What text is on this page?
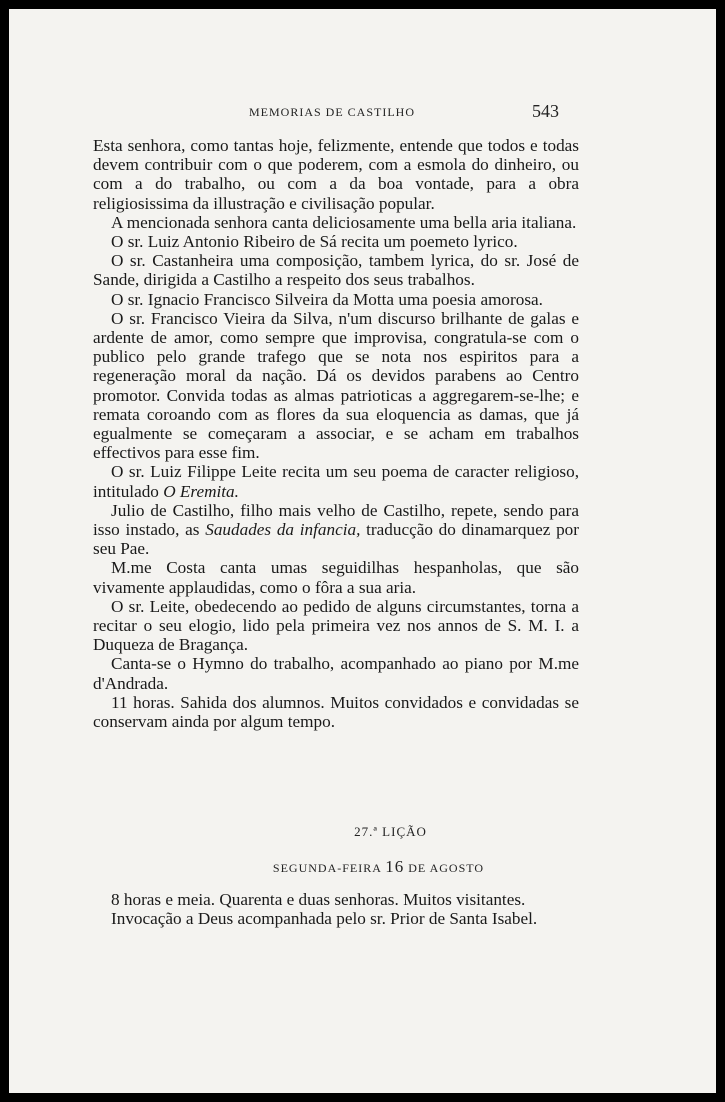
MEMORIAS DE CASTILHO	543

Esta senhora, como tantas hoje, felizmente, entende que todos e todas devem contribuir com o que poderem, com a esmola do dinheiro, ou com a do trabalho, ou com a da boa vontade, para a obra religiosissima da illustração e civilisação popular.

A mencionada senhora canta deliciosamente uma bella aria italiana.

O sr. Luiz Antonio Ribeiro de Sá recita um poemeto lyrico.

O sr. Castanheira uma composição, tambem lyrica, do sr. José de Sande, dirigida a Castilho a respeito dos seus trabalhos.

O sr. Ignacio Francisco Silveira da Motta uma poesia amorosa.

O sr. Francisco Vieira da Silva, n'um discurso brilhante de galas e ardente de amor, como sempre que improvisa, congratula-se com o publico pelo grande trafego que se nota nos espiritos para a regeneração moral da nação. Dá os devidos parabens ao Centro promotor. Convida todas as almas patrioticas a aggregarem-se-lhe; e remata coroando com as flores da sua eloquencia as damas, que já egualmente se começaram a associar, e se acham em trabalhos effectivos para esse fim.

O sr. Luiz Filippe Leite recita um seu poema de caracter religioso, intitulado O Eremita.

Julio de Castilho, filho mais velho de Castilho, repete, sendo para isso instado, as Saudades da infancia, traducção do dinamarquez por seu Pae.

M.me Costa canta umas seguidilhas hespanholas, que são vivamente applaudidas, como o fôra a sua aria.

O sr. Leite, obedecendo ao pedido de alguns circumstantes, torna a recitar o seu elogio, lido pela primeira vez nos annos de S. M. I. a Duqueza de Bragança.

Canta-se o Hymno do trabalho, acompanhado ao piano por M.me d'Andrada.

11 horas. Sahida dos alumnos. Muitos convidados e convidadas se conservam ainda por algum tempo.

27.ª LIÇÃO
SEGUNDA-FEIRA 16 DE AGOSTO

8 horas e meia. Quarenta e duas senhoras. Muitos visitantes.

Invocação a Deus acompanhada pelo sr. Prior de Santa Isabel.
